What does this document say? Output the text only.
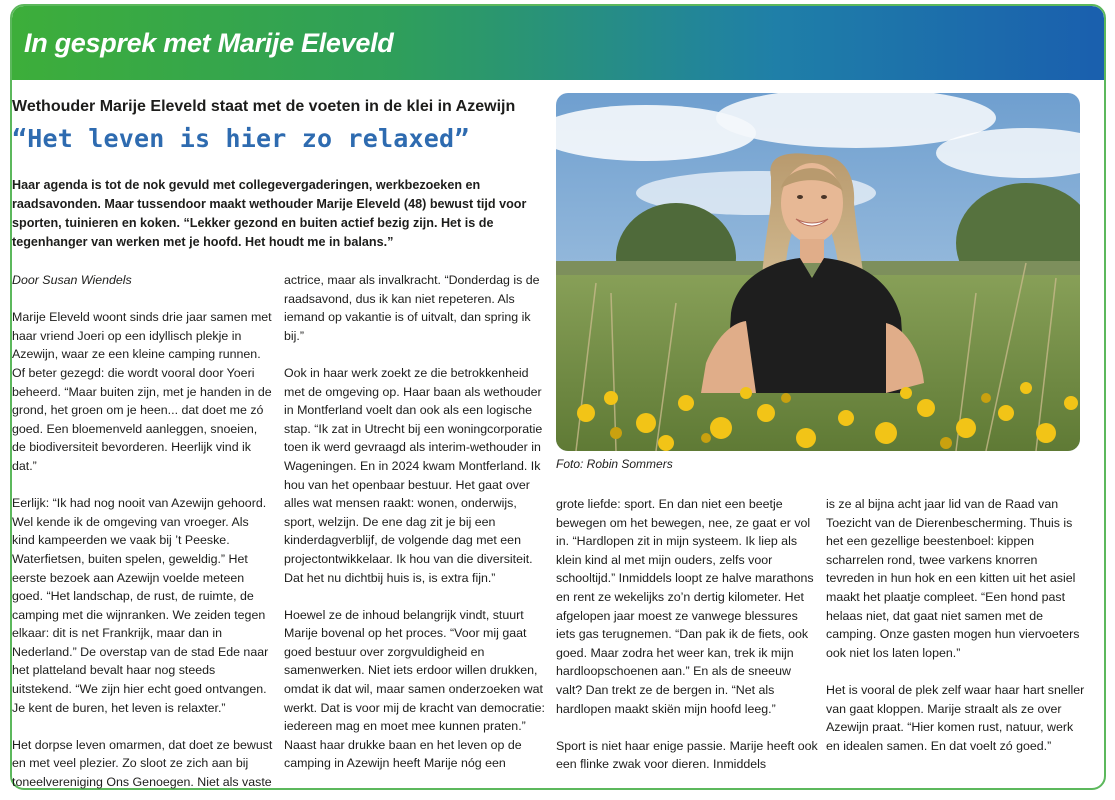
In gesprek met Marije Eleveld
Wethouder Marije Eleveld staat met de voeten in de klei in Azewijn
“Het leven is hier zo relaxed”
Haar agenda is tot de nok gevuld met collegevergaderingen, werkbezoeken en raadsavonden. Maar tussendoor maakt wethouder Marije Eleveld (48) bewust tijd voor sporten, tuinieren en koken. “Lekker gezond en buiten actief bezig zijn. Het is de tegenhanger van werken met je hoofd. Het houdt me in balans.”

Door Susan Wiendels

Marije Eleveld woont sinds drie jaar samen met haar vriend Joeri op een idyllisch plekje in Azewijn, waar ze een kleine camping runnen. Of beter gezegd: die wordt vooral door Yoeri beheerd. “Maar buiten zijn, met je handen in de grond, het groen om je heen... dat doet me zó goed. Een bloemenveld aanleggen, snoeien, de biodiversiteit bevorderen. Heerlijk vind ik dat.”

Eerlijk: “Ik had nog nooit van Azewijn gehoord. Wel kende ik de omgeving van vroeger. Als kind kampeerden we vaak bij ’t Peeske. Waterfietsen, buiten spelen, geweldig.” Het eerste bezoek aan Azewijn voelde meteen goed. “Het landschap, de rust, de ruimte, de camping met die wijnranken. We zeiden tegen elkaar: dit is net Frankrijk, maar dan in Nederland.” De overstap van de stad Ede naar het platteland bevalt haar nog steeds uitstekend. “We zijn hier echt goed ontvangen. Je kent de buren, het leven is relaxter.”

Het dorpse leven omarmen, dat doet ze bewust en met veel plezier. Zo sloot ze zich aan bij toneelvereniging Ons Genoegen. Niet als vaste

actrice, maar als invalkracht. “Donderdag is de raadsavond, dus ik kan niet repeteren. Als iemand op vakantie is of uitvalt, dan spring ik bij.”

Ook in haar werk zoekt ze die betrokkenheid met de omgeving op. Haar baan als wethouder in Montferland voelt dan ook als een logische stap. “Ik zat in Utrecht bij een woningcorporatie toen ik werd gevraagd als interim-wethouder in Wageningen. En in 2024 kwam Montferland. Ik hou van het openbaar bestuur. Het gaat over alles wat mensen raakt: wonen, onderwijs, sport, welzijn. De ene dag zit je bij een kinderdagverblijf, de volgende dag met een projectontwikkelaar. Ik hou van die diversiteit. Dat het nu dichtbij huis is, is extra fijn.”

Hoewel ze de inhoud belangrijk vindt, stuurt Marije bovenal op het proces. “Voor mij gaat goed bestuur over zorgvuldigheid en samenwerken. Niet iets erdoor willen drukken, omdat ik dat wil, maar samen onderzoeken wat werkt. Dat is voor mij de kracht van democratie: iedereen mag en moet mee kunnen praten.” Naast haar drukke baan en het leven op de camping in Azewijn heeft Marije nóg een

Foto: Robin Sommers

grote liefde: sport. En dan niet een beetje bewegen om het bewegen, nee, ze gaat er vol in. “Hardlopen zit in mijn systeem. Ik liep als klein kind al met mijn ouders, zelfs voor schooltijd.” Inmiddels loopt ze halve marathons en rent ze wekelijks zo’n dertig kilometer. Het afgelopen jaar moest ze vanwege blessures iets gas terugnemen. “Dan pak ik de fiets, ook goed. Maar zodra het weer kan, trek ik mijn hardloopschoenen aan.” En als de sneeuw valt? Dan trekt ze de bergen in. “Net als hardlopen maakt skiën mijn hoofd leeg.”

Sport is niet haar enige passie. Marije heeft ook een flinke zwak voor dieren. Inmiddels

is ze al bijna acht jaar lid van de Raad van Toezicht van de Dierenbescherming. Thuis is het een gezellige beestenboel: kippen scharrelen rond, twee varkens knorren tevreden in hun hok en een kitten uit het asiel maakt het plaatje compleet. “Een hond past helaas niet, dat gaat niet samen met de camping. Onze gasten mogen hun viervoeters ook niet los laten lopen.”

Het is vooral de plek zelf waar haar hart sneller van gaat kloppen. Marije straalt als ze over Azewijn praat. “Hier komen rust, natuur, werk en idealen samen. En dat voelt zó goed.”
